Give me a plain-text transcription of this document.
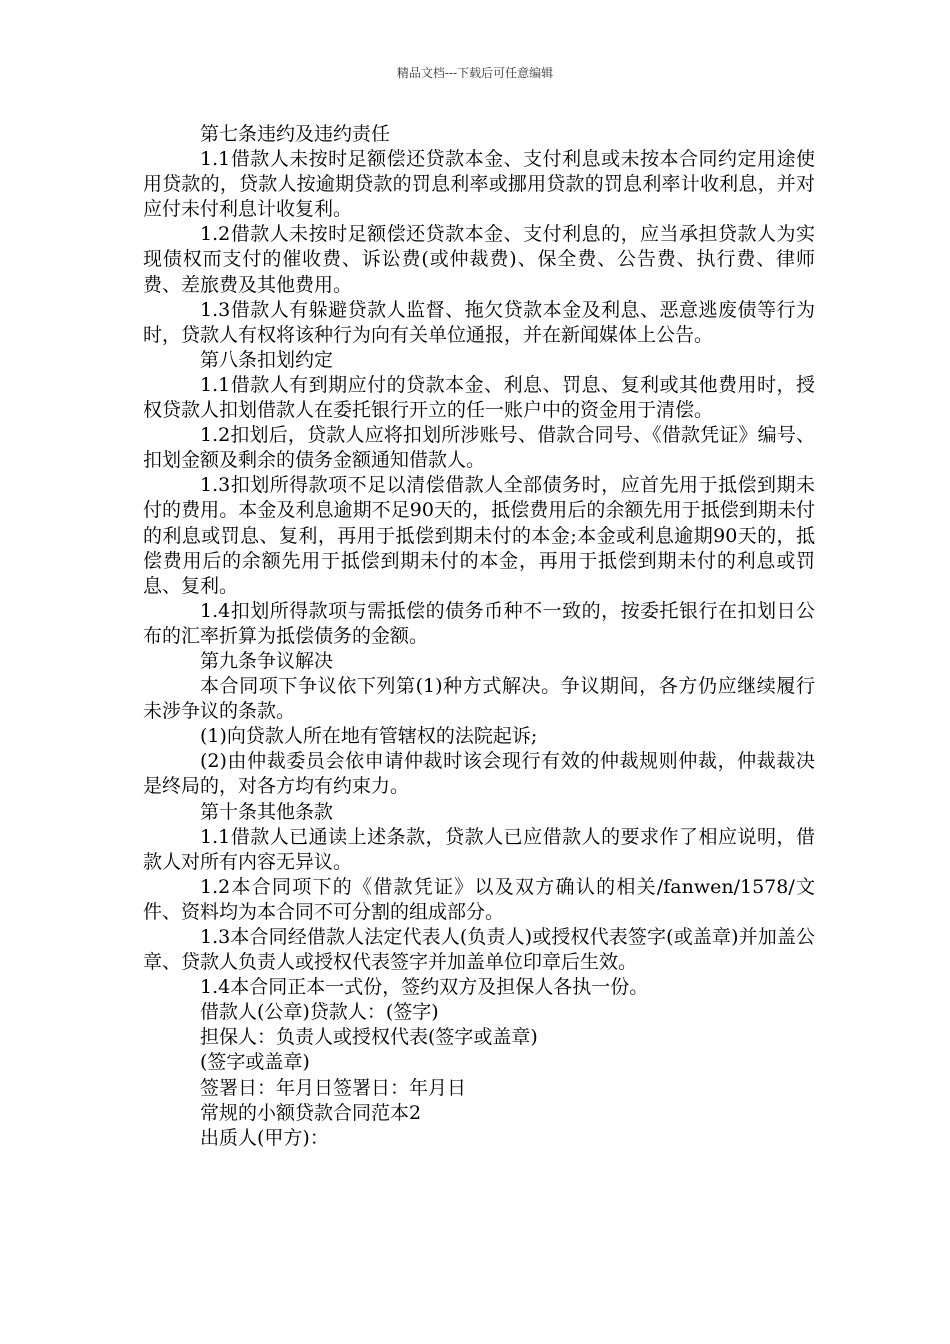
精品文档---下载后可任意编辑

第七条违约及违约责任

1.1借款人未按时足额偿还贷款本金、支付利息或未按本合同约定用途使用贷款的，贷款人按逾期贷款的罚息利率或挪用贷款的罚息利率计收利息，并对应付未付利息计收复利。

1.2借款人未按时足额偿还贷款本金、支付利息的，应当承担贷款人为实现债权而支付的催收费、诉讼费(或仲裁费)、保全费、公告费、执行费、律师费、差旅费及其他费用。

1.3借款人有躲避贷款人监督、拖欠贷款本金及利息、恶意逃废债等行为时，贷款人有权将该种行为向有关单位通报，并在新闻媒体上公告。

第八条扣划约定

1.1借款人有到期应付的贷款本金、利息、罚息、复利或其他费用时，授权贷款人扣划借款人在委托银行开立的任一账户中的资金用于清偿。

1.2扣划后，贷款人应将扣划所涉账号、借款合同号、《借款凭证》编号、扣划金额及剩余的债务金额通知借款人。

1.3扣划所得款项不足以清偿借款人全部债务时，应首先用于抵偿到期未付的费用。本金及利息逾期不足90天的，抵偿费用后的余额先用于抵偿到期未付的利息或罚息、复利，再用于抵偿到期未付的本金;本金或利息逾期90天的，抵偿费用后的余额先用于抵偿到期未付的本金，再用于抵偿到期未付的利息或罚息、复利。

1.4扣划所得款项与需抵偿的债务币种不一致的，按委托银行在扣划日公布的汇率折算为抵偿债务的金额。

第九条争议解决

本合同项下争议依下列第(1)种方式解决。争议期间，各方仍应继续履行未涉争议的条款。

(1)向贷款人所在地有管辖权的法院起诉;

(2)由仲裁委员会依申请仲裁时该会现行有效的仲裁规则仲裁，仲裁裁决是终局的，对各方均有约束力。

第十条其他条款

1.1借款人已通读上述条款，贷款人已应借款人的要求作了相应说明，借款人对所有内容无异议。

1.2本合同项下的《借款凭证》以及双方确认的相关/fanwen/1578/文件、资料均为本合同不可分割的组成部分。

1.3本合同经借款人法定代表人(负责人)或授权代表签字(或盖章)并加盖公章、贷款人负责人或授权代表签字并加盖单位印章后生效。

1.4本合同正本一式份，签约双方及担保人各执一份。

借款人(公章)贷款人：(签字)

担保人：负责人或授权代表(签字或盖章)

(签字或盖章)

签署日：年月日签署日：年月日

常规的小额贷款合同范本2

出质人(甲方)：
